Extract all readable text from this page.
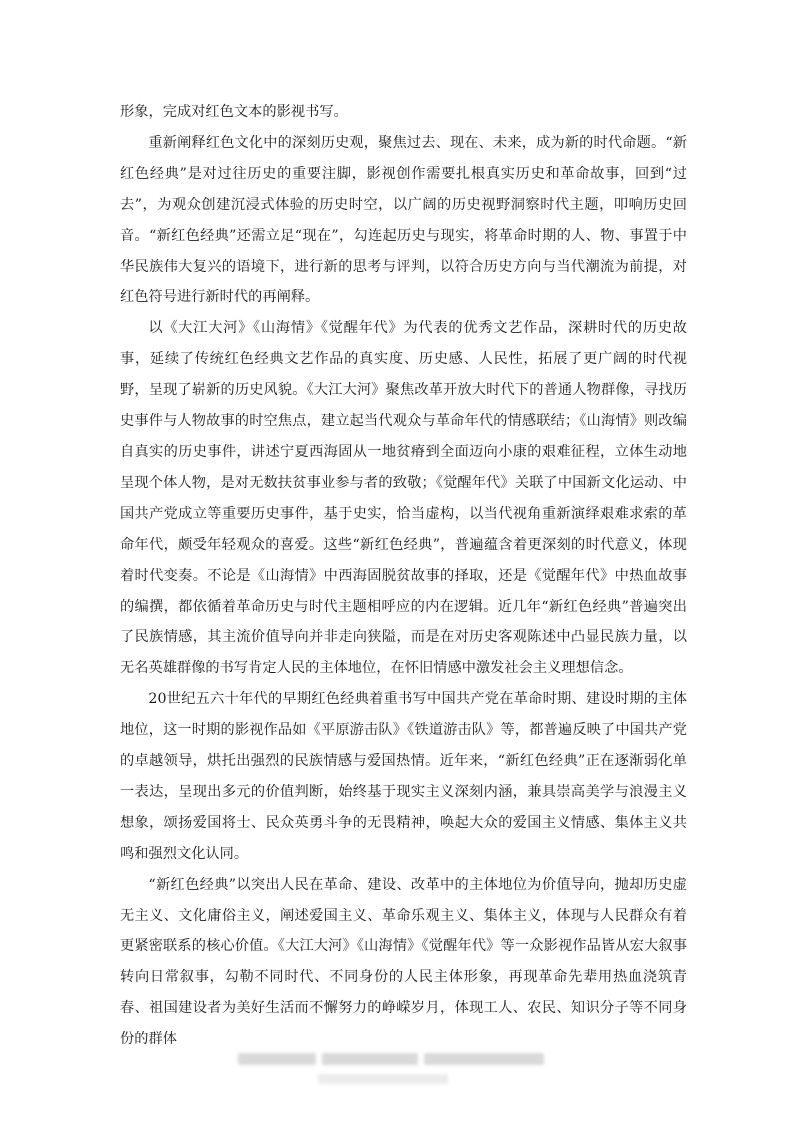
形象，完成对红色文本的影视书写。

重新阐释红色文化中的深刻历史观，聚焦过去、现在、未来，成为新的时代命题。“新红色经典”是对过往历史的重要注脚，影视创作需要扎根真实历史和革命故事，回到“过去”，为观众创建沉浸式体验的历史时空，以广阔的历史视野洞察时代主题，叩响历史回音。“新红色经典”还需立足“现在”，勾连起历史与现实，将革命时期的人、物、事置于中华民族伟大复兴的语境下，进行新的思考与评判，以符合历史方向与当代潮流为前提，对红色符号进行新时代的再阐释。

以《大江大河》《山海情》《觉醒年代》为代表的优秀文艺作品，深耕时代的历史故事，延续了传统红色经典文艺作品的真实度、历史感、人民性，拓展了更广阔的时代视野，呈现了崭新的历史风貌。《大江大河》聚焦改革开放大时代下的普通人物群像，寻找历史事件与人物故事的时空焦点，建立起当代观众与革命年代的情感联结；《山海情》则改编自真实的历史事件，讲述宁夏西海固从一地贫瘠到全面迈向小康的艰难征程，立体生动地呈现个体人物，是对无数扶贫事业参与者的致敬；《觉醒年代》关联了中国新文化运动、中国共产党成立等重要历史事件，基于史实，恰当虚构，以当代视角重新演绎艰难求索的革命年代，颇受年轻观众的喜爱。这些“新红色经典”，普遍蕴含着更深刻的时代意义，体现着时代变奏。不论是《山海情》中西海固脱贫故事的择取，还是《觉醒年代》中热血故事的编撰，都依循着革命历史与时代主题相呼应的内在逻辑。近几年“新红色经典”普遍突出了民族情感，其主流价值导向并非走向狭隘，而是在对历史客观陈述中凸显民族力量，以无名英雄群像的书写肯定人民的主体地位，在怀旧情感中激发社会主义理想信念。

20世纪五六十年代的早期红色经典着重书写中国共产党在革命时期、建设时期的主体地位，这一时期的影视作品如《平原游击队》《铁道游击队》等，都普遍反映了中国共产党的卓越领导，烘托出强烈的民族情感与爱国热情。近年来，“新红色经典”正在逐渐弱化单一表达，呈现出多元的价值判断，始终基于现实主义深刻内涵，兼具崇高美学与浪漫主义想象，颂扬爱国将士、民众英勇斗争的无畏精神，唤起大众的爱国主义情感、集体主义共鸣和强烈文化认同。

“新红色经典”以突出人民在革命、建设、改革中的主体地位为价值导向，抛却历史虚无主义、文化庸俗主义，阐述爱国主义、革命乐观主义、集体主义，体现与人民群众有着更紧密联系的核心价值。《大江大河》《山海情》《觉醒年代》等一众影视作品皆从宏大叙事转向日常叙事，勾勒不同时代、不同身份的人民主体形象，再现革命先辈用热血浇筑青春、祖国建设者为美好生活而不懈努力的峥嵘岁月，体现工人、农民、知识分子等不同身份的群体
